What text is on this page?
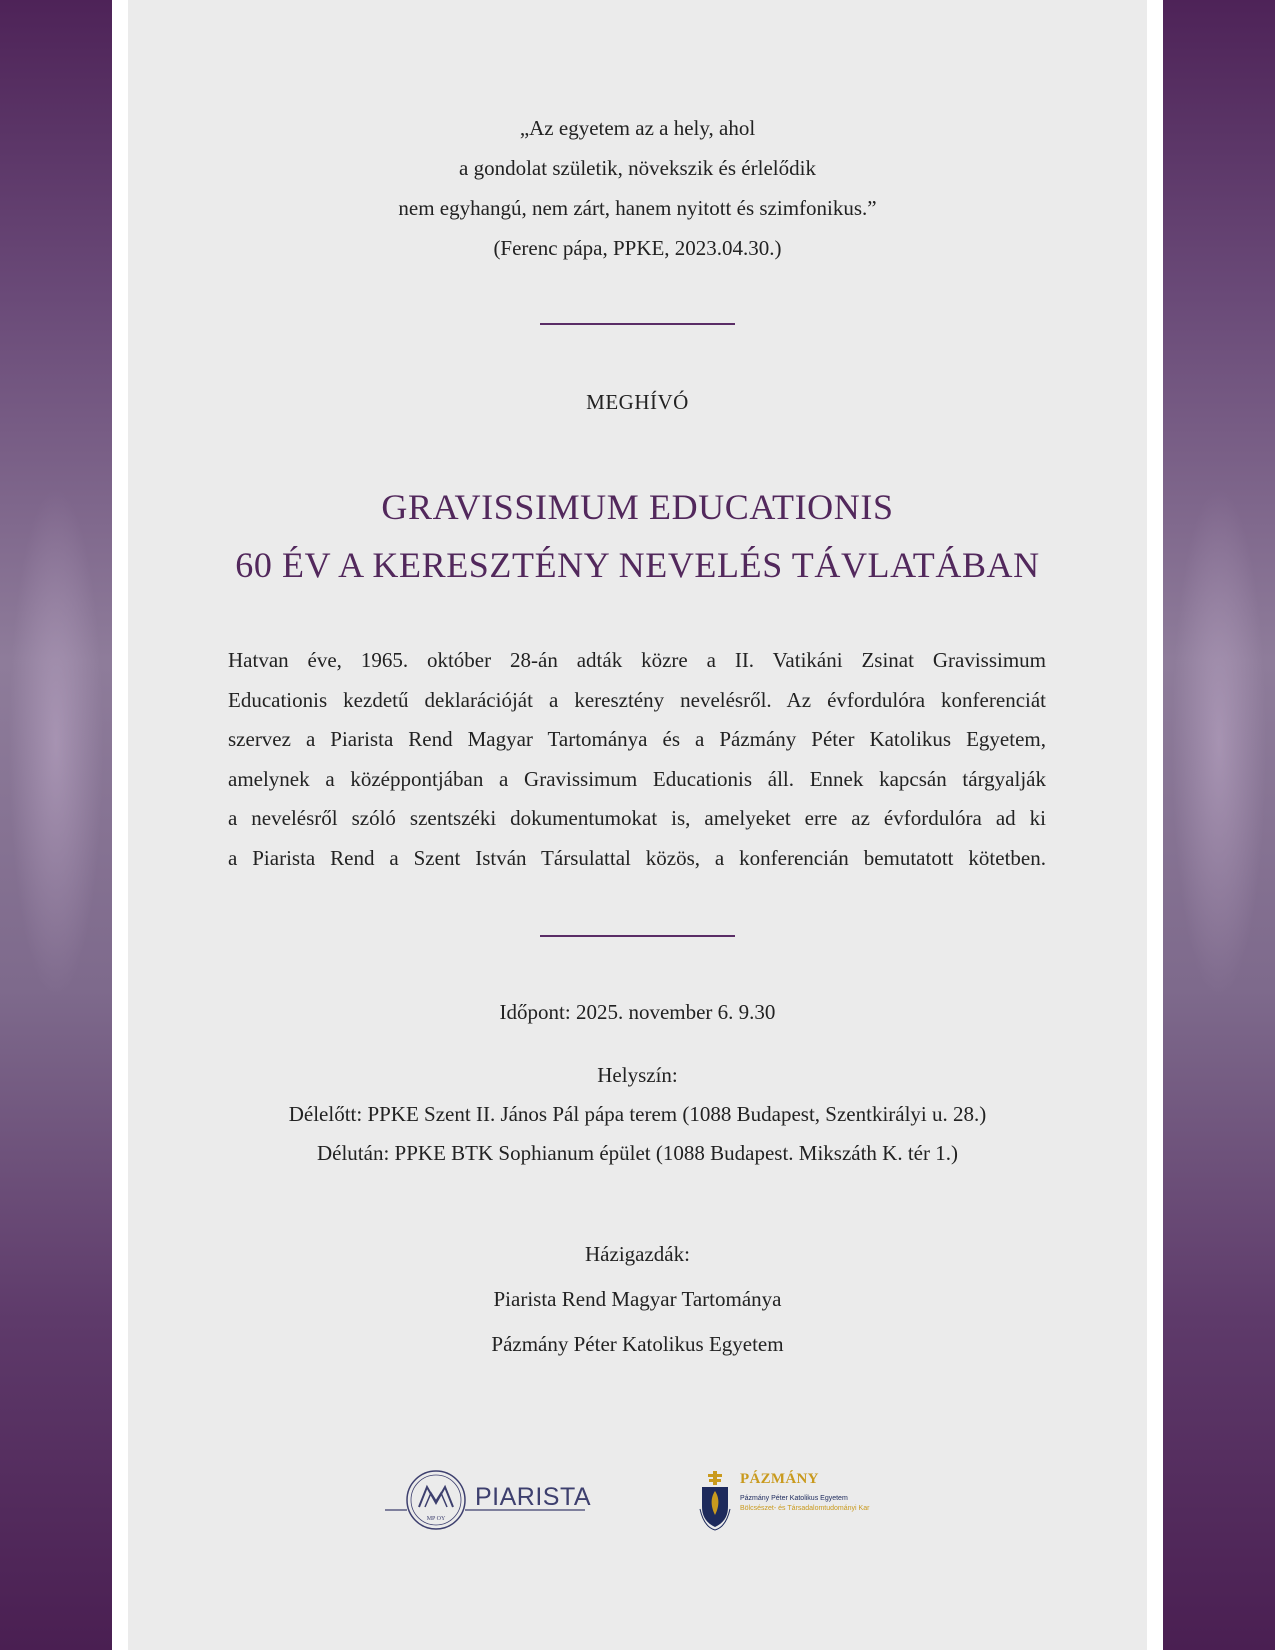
„Az egyetem az a hely, ahol
a gondolat születik, növekszik és érlelődik
nem egyhangú, nem zárt, hanem nyitott és szimfonikus.”
(Ferenc pápa, PPKE, 2023.04.30.)
MEGHÍVÓ
GRAVISSIMUM EDUCATIONIS
60 ÉV A KERESZTÉNY NEVELÉS TÁVLATÁBAN
Hatvan éve, 1965. október 28-án adták közre a II. Vatikáni Zsinat Gravissimum
Educationis kezdetű deklarációját a keresztény nevelésről. Az évfordulóra konferenciát
szervez a Piarista Rend Magyar Tartománya és a Pázmány Péter Katolikus Egyetem,
amelynek a középpontjában a Gravissimum Educationis áll. Ennek kapcsán tárgyalják
a nevelésről szóló szentszéki dokumentumokat is, amelyeket erre az évfordulóra ad ki
a Piarista Rend a Szent István Társulattal közös, a konferencián bemutatott kötetben.
Időpont: 2025. november 6. 9.30
Helyszín:
Délelőtt: PPKE Szent II. János Pál pápa terem (1088 Budapest, Szentkirályi u. 28.)
Délután: PPKE BTK Sophianum épület (1088 Budapest. Mikszáth K. tér 1.)
Házigazdák:
Piarista Rend Magyar Tartománya
Pázmány Péter Katolikus Egyetem
MP OY
PIARISTA
PÁZMÁNY
Pázmány Péter Katolikus Egyetem
Bölcsészet- és Társadalomtudományi Kar
